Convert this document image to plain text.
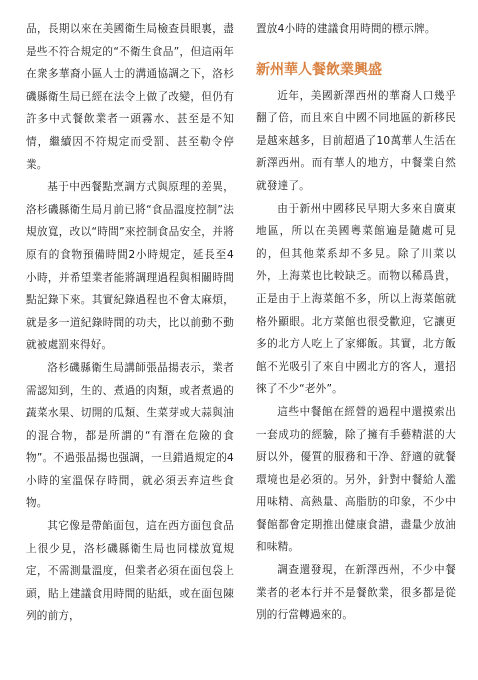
品，長期以來在美國衛生局檢查員眼裏，盡是些不符合規定的“不衛生食品”，但這兩年在衆多華裔小區人士的溝通協調之下，洛杉磯縣衛生局已經在法令上做了改變，但仍有許多中式餐飲業者一頭霧水、甚至是不知情，繼續因不符規定而受罰、甚至勒令停業。

基于中西餐點烹調方式與原理的差異，洛杉磯縣衛生局月前已將“食品溫度控制”法規放寬，改以“時間”來控制食品安全，并將原有的食物預備時間2小時規定，延長至4小時，并希望業者能將調理過程與相關時間點記錄下來。其實紀錄過程也不會太麻煩，就是多一道紀錄時間的功夫，比以前動不動就被處罰來得好。

洛杉磯縣衛生局講師張晶揚表示，業者需認知到，生的、煮過的肉類，或者煮過的蔬菜水果、切開的瓜類、生菜芽或大蒜與油的混合物，都是所謂的“有潛在危險的食物”。不過張晶揚也强調，一旦錯過規定的4小時的室溫保存時間，就必須丟弃這些食物。

其它像是帶餡面包，這在西方面包食品上很少見，洛杉磯縣衛生局也同樣放寬規定，不需測量溫度，但業者必須在面包袋上頭，貼上建議食用時間的貼紙，或在面包陳列的前方，

置放4小時的建議食用時間的標示牌。

新州華人餐飲業興盛

近年，美國新澤西州的華裔人口幾乎翻了倍，而且來自中國不同地區的新移民是越來越多，目前超過了10萬華人生活在新澤西州。而有華人的地方，中餐業自然就發達了。

由于新州中國移民早期大多來自廣東地區，所以在美國粵菜館遍是隨處可見的，但其他菜系却不多見。除了川菜以外，上海菜也比較缺乏。而物以稀爲貴，正是由于上海菜館不多，所以上海菜館就格外顯眼。北方菜館也很受歡迎，它讓更多的北方人吃上了家鄉飯。其實，北方飯館不光吸引了來自中國北方的客人，還招徠了不少“老外”。

這些中餐館在經營的過程中還摸索出一套成功的經驗，除了擁有手藝精湛的大厨以外，優質的服務和干净、舒適的就餐環境也是必須的。另外，針對中餐給人濫用味精、高熱量、高脂肪的印象，不少中餐館都會定期推出健康食譜，盡量少放油和味精。

調查還發現，在新澤西州，不少中餐業者的老本行并不是餐飲業，很多都是從別的行當轉過來的。
